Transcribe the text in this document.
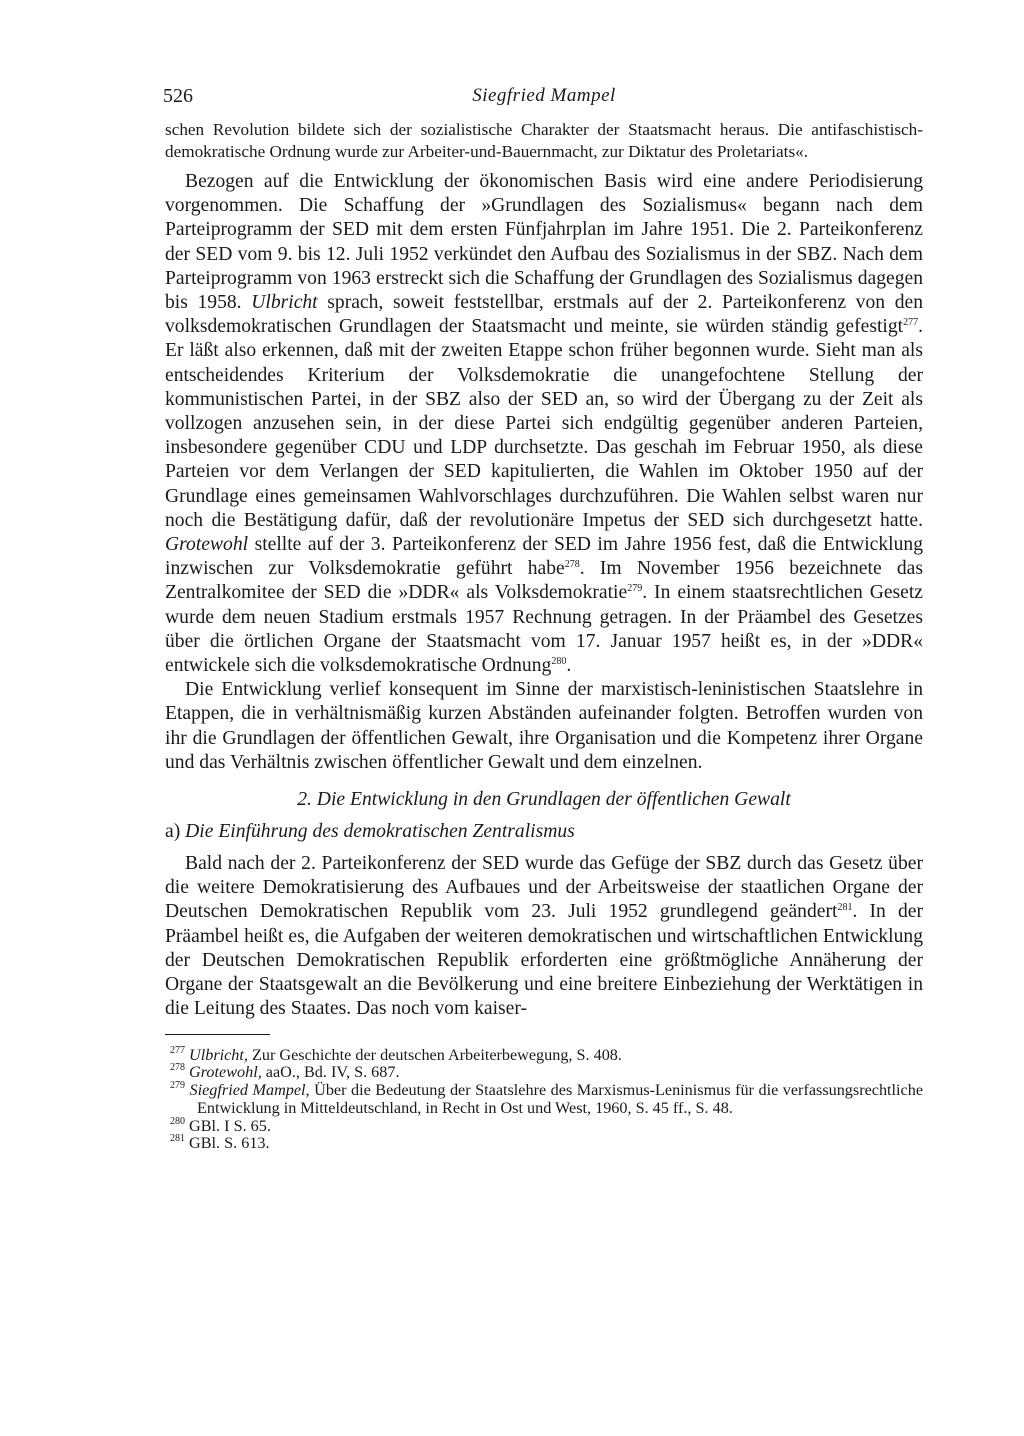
526	Siegfried Mampel

schen Revolution bildete sich der sozialistische Charakter der Staatsmacht heraus. Die antifaschistisch-demokratische Ordnung wurde zur Arbeiter-und-Bauernmacht, zur Diktatur des Proletariats«.

Bezogen auf die Entwicklung der ökonomischen Basis wird eine andere Periodisierung vorgenommen. Die Schaffung der »Grundlagen des Sozialismus« begann nach dem Parteiprogramm der SED mit dem ersten Fünfjahrplan im Jahre 1951. Die 2. Parteikonferenz der SED vom 9. bis 12. Juli 1952 verkündet den Aufbau des Sozialismus in der SBZ. Nach dem Parteiprogramm von 1963 erstreckt sich die Schaffung der Grundlagen des Sozialismus dagegen bis 1958. Ulbricht sprach, soweit feststellbar, erstmals auf der 2. Parteikonferenz von den volksdemokratischen Grundlagen der Staatsmacht und meinte, sie würden ständig gefestigt$^{277}$. Er läßt also erkennen, daß mit der zweiten Etappe schon früher begonnen wurde. Sieht man als entscheidendes Kriterium der Volksdemokratie die unangefochtene Stellung der kommunistischen Partei, in der SBZ also der SED an, so wird der Übergang zu der Zeit als vollzogen anzusehen sein, in der diese Partei sich endgültig gegenüber anderen Parteien, insbesondere gegenüber CDU und LDP durchsetzte. Das geschah im Februar 1950, als diese Parteien vor dem Verlangen der SED kapitulierten, die Wahlen im Oktober 1950 auf der Grundlage eines gemeinsamen Wahlvorschlages durchzuführen. Die Wahlen selbst waren nur noch die Bestätigung dafür, daß der revolutionäre Impetus der SED sich durchgesetzt hatte. Grotewohl stellte auf der 3. Parteikonferenz der SED im Jahre 1956 fest, daß die Entwicklung inzwischen zur Volksdemokratie geführt habe$^{278}$. Im November 1956 bezeichnete das Zentralkomitee der SED die »DDR« als Volksdemokratie$^{279}$. In einem staatsrechtlichen Gesetz wurde dem neuen Stadium erstmals 1957 Rechnung getragen. In der Präambel des Gesetzes über die örtlichen Organe der Staatsmacht vom 17. Januar 1957 heißt es, in der »DDR« entwickele sich die volksdemokratische Ordnung$^{280}$.

Die Entwicklung verlief konsequent im Sinne der marxistisch-leninistischen Staatslehre in Etappen, die in verhältnismäßig kurzen Abständen aufeinander folgten. Betroffen wurden von ihr die Grundlagen der öffentlichen Gewalt, ihre Organisation und die Kompetenz ihrer Organe und das Verhältnis zwischen öffentlicher Gewalt und dem einzelnen.

2. Die Entwicklung in den Grundlagen der öffentlichen Gewalt

a) Die Einführung des demokratischen Zentralismus

Bald nach der 2. Parteikonferenz der SED wurde das Gefüge der SBZ durch das Gesetz über die weitere Demokratisierung des Aufbaues und der Arbeitsweise der staatlichen Organe der Deutschen Demokratischen Republik vom 23. Juli 1952 grundlegend geändert$^{281}$. In der Präambel heißt es, die Aufgaben der weiteren demokratischen und wirtschaftlichen Entwicklung der Deutschen Demokratischen Republik erforderten eine größtmögliche Annäherung der Organe der Staatsgewalt an die Bevölkerung und eine breitere Einbeziehung der Werktätigen in die Leitung des Staates. Das noch vom kaiser-

$^{277}$ Ulbricht, Zur Geschichte der deutschen Arbeiterbewegung, S. 408.

$^{278}$ Grotewohl, aaO., Bd. IV, S. 687.

$^{279}$ Siegfried Mampel, Über die Bedeutung der Staatslehre des Marxismus-Leninismus für die verfassungsrechtliche Entwicklung in Mitteldeutschland, in Recht in Ost und West, 1960, S. 45 ff., S. 48.

$^{280}$ GBl. I S. 65.

$^{281}$ GBl. S. 613.
